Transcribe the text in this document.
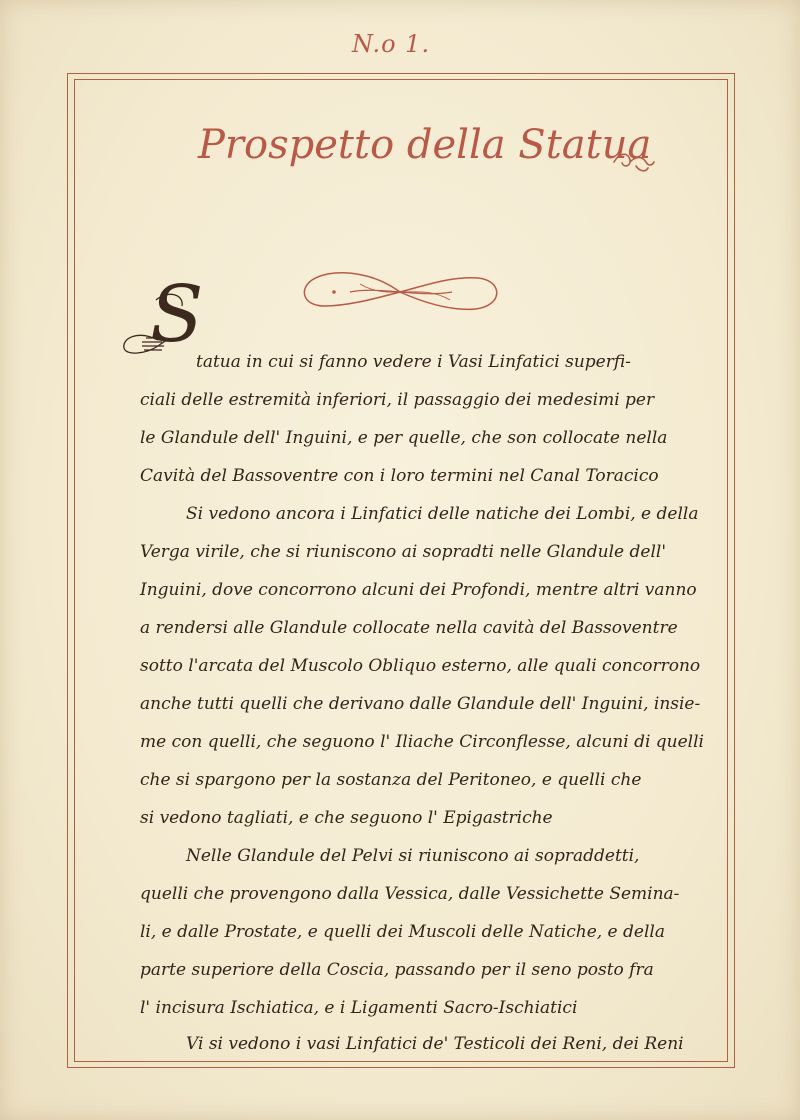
N.o 1.
Prospetto della Statua
S
tatua in cui si fanno vedere i Vasi Linfatici superfi-
ciali delle estremità inferiori, il passaggio dei medesimi per
le Glandule dell' Inguini, e per quelle, che son collocate nella
Cavità del Bassoventre con i loro termini nel Canal Toracico
Si vedono ancora i Linfatici delle natiche dei Lombi, e della
Verga virile, che si riuniscono ai sopradti nelle Glandule dell'
Inguini, dove concorrono alcuni dei Profondi, mentre altri vanno
a rendersi alle Glandule collocate nella cavità del Bassoventre
sotto l'arcata del Muscolo Obliquo esterno, alle quali concorrono
anche tutti quelli che derivano dalle Glandule dell' Inguini, insie-
me con quelli, che seguono l' Iliache Circonflesse, alcuni di quelli
che si spargono per la sostanza del Peritoneo, e quelli che
si vedono tagliati, e che seguono l' Epigastriche
Nelle Glandule del Pelvi si riuniscono ai sopraddetti,
quelli che provengono dalla Vessica, dalle Vessichette Semina-
li, e dalle Prostate, e quelli dei Muscoli delle Natiche, e della
parte superiore della Coscia, passando per il seno posto fra
l' incisura Ischiatica, e i Ligamenti Sacro-Ischiatici
Vi si vedono i vasi Linfatici de' Testicoli dei Reni, dei Reni
